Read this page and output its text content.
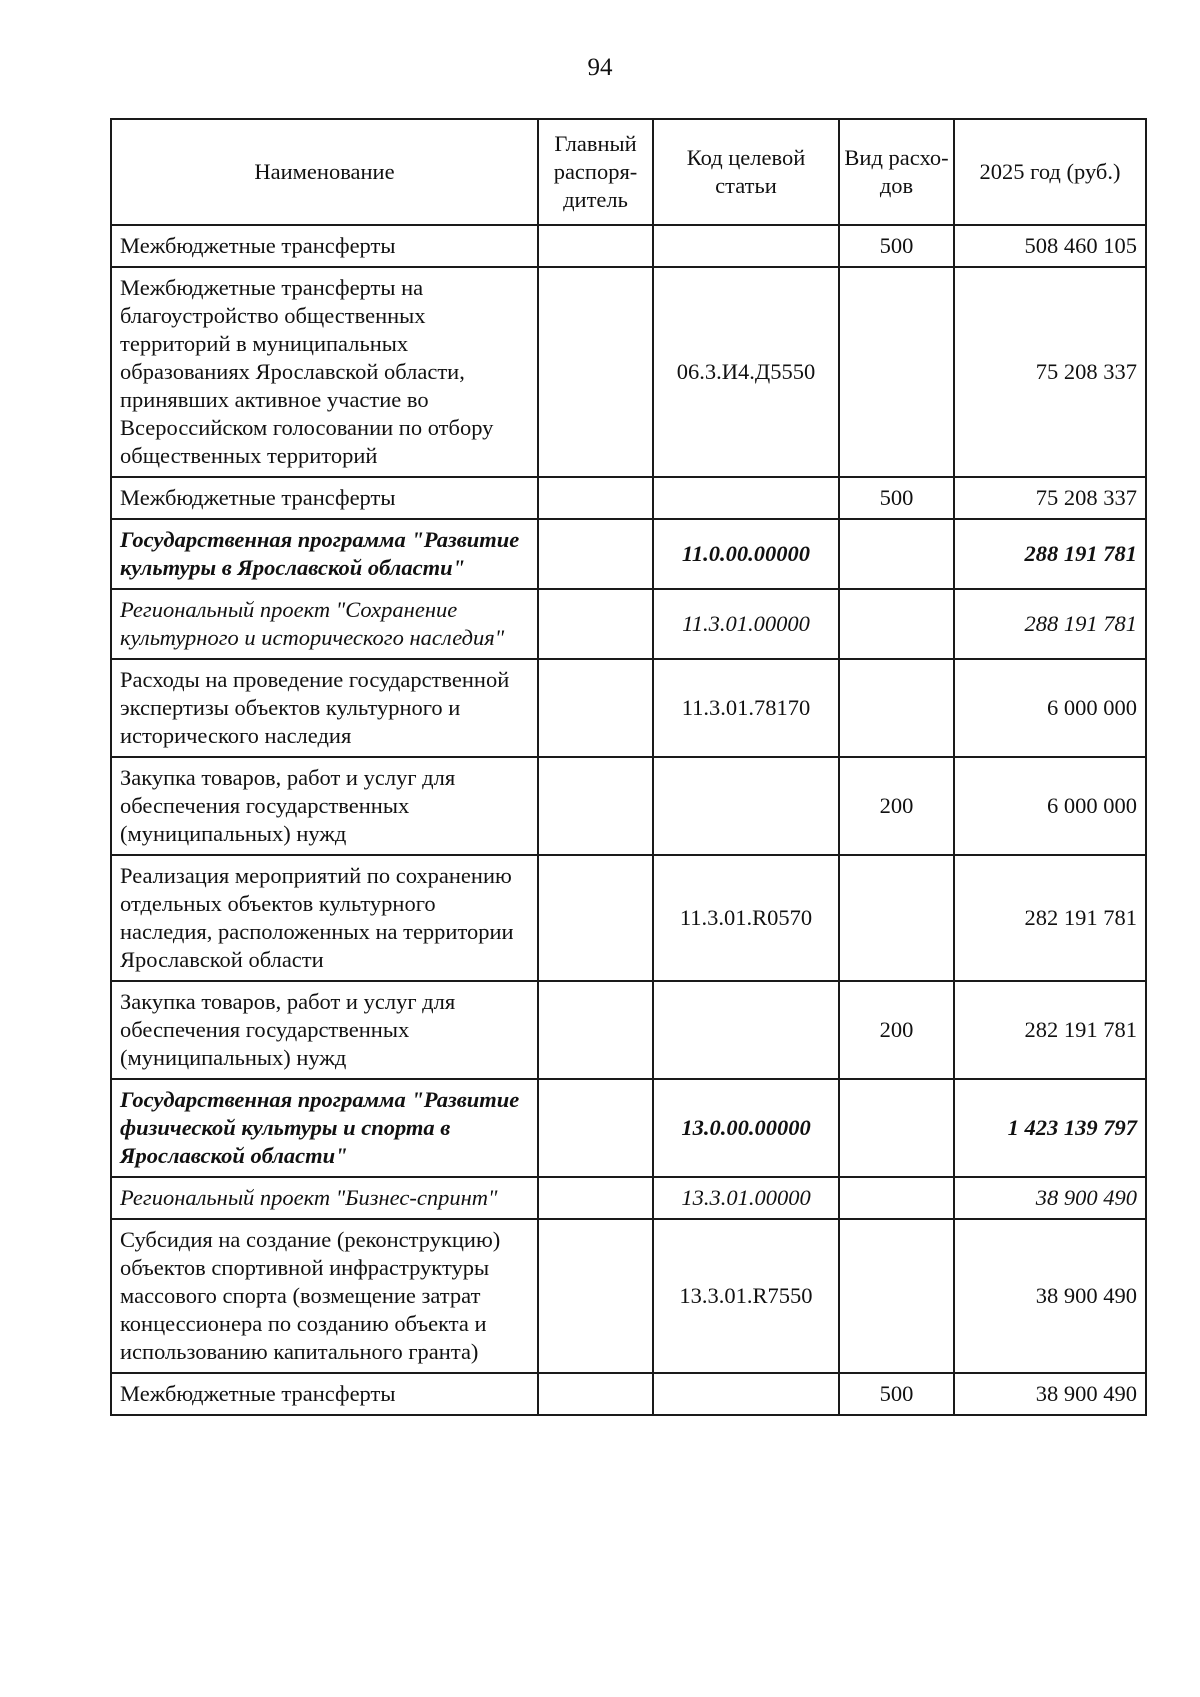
94
Наименование	Главный распоря-дитель	Код целевой статьи	Вид расхо-дов	2025 год (руб.)
Межбюджетные трансферты			500	508 460 105
Межбюджетные трансферты на благоустройство общественных территорий в муниципальных образованиях Ярославской области, принявших активное участие во Всероссийском голосовании по отбору общественных территорий		06.3.И4.Д5550		75 208 337
Межбюджетные трансферты			500	75 208 337
Государственная программа "Развитие культуры в Ярославской области"		11.0.00.00000		288 191 781
Региональный проект "Сохранение культурного и исторического наследия"		11.3.01.00000		288 191 781
Расходы на проведение государственной экспертизы объектов культурного и исторического наследия		11.3.01.78170		6 000 000
Закупка товаров, работ и услуг для обеспечения государственных (муниципальных) нужд			200	6 000 000
Реализация мероприятий по сохранению отдельных объектов культурного наследия, расположенных на территории Ярославской области		11.3.01.R0570		282 191 781
Закупка товаров, работ и услуг для обеспечения государственных (муниципальных) нужд			200	282 191 781
Государственная программа "Развитие физической культуры и спорта в Ярославской области"		13.0.00.00000		1 423 139 797
Региональный проект "Бизнес-спринт"		13.3.01.00000		38 900 490
Субсидия на создание (реконструкцию) объектов спортивной инфраструктуры массового спорта (возмещение затрат концессионера по созданию объекта и использованию капитального гранта)		13.3.01.R7550		38 900 490
Межбюджетные трансферты			500	38 900 490
